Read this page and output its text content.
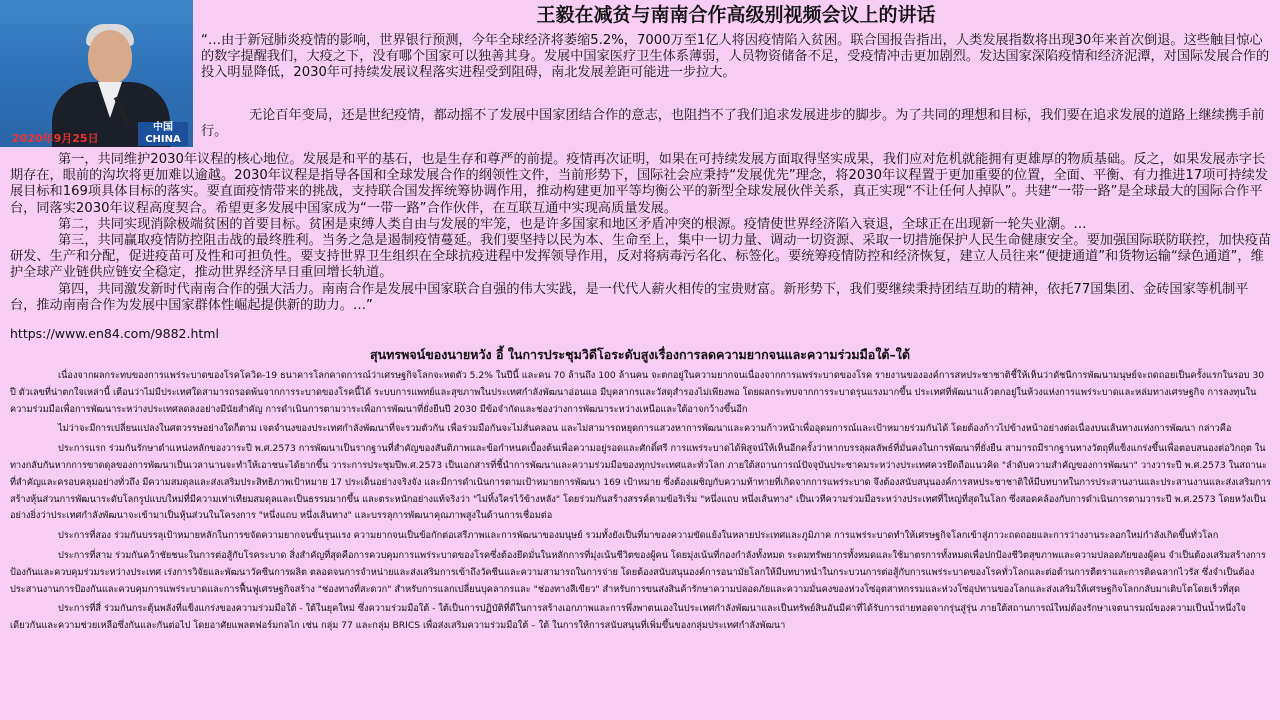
中国
CHINA
2020年9月25日
王毅在减贫与南南合作高级别视频会议上的讲话

“…由于新冠肺炎疫情的影响，世界银行预测，今年全球经济将萎缩5.2%，7000万至1亿人将因疫情陷入贫困。联合国报告指出，人类发展指数将出现30年来首次倒退。这些触目惊心的数字提醒我们，大疫之下，没有哪个国家可以独善其身。发展中国家医疗卫生体系薄弱，人员物资储备不足，受疫情冲击更加剧烈。发达国家深陷疫情和经济泥潭，对国际发展合作的投入明显降低，2030年可持续发展议程落实进程受到阻碍，南北发展差距可能进一步拉大。

无论百年变局，还是世纪疫情，都动摇不了发展中国家团结合作的意志，也阻挡不了我们追求发展进步的脚步。为了共同的理想和目标，我们要在追求发展的道路上继续携手前行。

第一，共同维护2030年议程的核心地位。发展是和平的基石，也是生存和尊严的前提。疫情再次证明，如果在可持续发展方面取得坚实成果，我们应对危机就能拥有更雄厚的物质基础。反之，如果发展赤字长期存在，眼前的沟坎将更加难以逾越。2030年议程是指导各国和全球发展合作的纲领性文件，当前形势下，国际社会应秉持“发展优先”理念，将2030年议程置于更加重要的位置，全面、平衡、有力推进17项可持续发展目标和169项具体目标的落实。要直面疫情带来的挑战，支持联合国发挥统筹协调作用，推动构建更加平等均衡公平的新型全球发展伙伴关系，真正实现“不让任何人掉队”。共建“一带一路”是全球最大的国际合作平台，同落实2030年议程高度契合。希望更多发展中国家成为“一带一路”合作伙伴，在互联互通中实现高质量发展。

第二，共同实现消除极端贫困的首要目标。贫困是束缚人类自由与发展的牢笼，也是许多国家和地区矛盾冲突的根源。疫情使世界经济陷入衰退，全球正在出现新一轮失业潮。…

第三，共同赢取疫情防控阻击战的最终胜利。当务之急是遏制疫情蔓延。我们要坚持以民为本、生命至上，集中一切力量、调动一切资源、采取一切措施保护人民生命健康安全。要加强国际联防联控，加快疫苗研发、生产和分配，促进疫苗可及性和可担负性。要支持世界卫生组织在全球抗疫进程中发挥领导作用，反对将病毒污名化、标签化。要统筹疫情防控和经济恢复，建立人员往来“便捷通道”和货物运输“绿色通道”，维护全球产业链供应链安全稳定，推动世界经济早日重回增长轨道。

第四，共同激发新时代南南合作的强大活力。南南合作是发展中国家联合自强的伟大实践，是一代代人薪火相传的宝贵财富。新形势下，我们要继续秉持团结互助的精神，依托77国集团、金砖国家等机制平台，推动南南合作为发展中国家群体性崛起提供新的助力。…”

https://www.en84.com/9882.html
สุนทรพจน์ของนายหวัง อี้ ในการประชุมวิดีโอระดับสูงเรื่องการลดความยากจนและความร่วมมือใต้–ใต้

เนื่องจากผลกระทบของการแพร่ระบาดของโรคโควิด-19 ธนาคารโลกคาดการณ์ว่าเศรษฐกิจโลกจะหดตัว 5.2% ในปีนี้ และคน 70 ล้านถึง 100 ล้านคน จะตกอยู่ในความยากจนเนื่องจากการแพร่ระบาดของโรค รายงานขององค์การสหประชาชาติชี้ให้เห็นว่าดัชนีการพัฒนามนุษย์จะถดถอยเป็นครั้งแรกในรอบ 30 ปี ตัวเลขที่น่าตกใจเหล่านี้ เตือนว่าไม่มีประเทศใดสามารถรอดพ้นจากการระบาดของโรคนี้ได้ ระบบการแพทย์และสุขภาพในประเทศกำลังพัฒนาอ่อนแอ มีบุคลากรและวัสดุสำรองไม่เพียงพอ โดยผลกระทบจากการระบาดรุนแรงมากขึ้น ประเทศที่พัฒนาแล้วตกอยู่ในห้วงแห่งการแพร่ระบาดและหล่มทางเศรษฐกิจ การลงทุนในความร่วมมือเพื่อการพัฒนาระหว่างประเทศลดลงอย่างมีนัยสำคัญ การดำเนินการตามวาระเพื่อการพัฒนาที่ยั่งยืนปี 2030 มีข้อจำกัดและช่องว่างการพัฒนาระหว่างเหนือและใต้อาจกว้างขึ้นอีก

ไม่ว่าจะมีการเปลี่ยนแปลงในศตวรรษอย่างใดก็ตาม เจตจำนงของประเทศกำลังพัฒนาที่จะรวมตัวกัน เพื่อร่วมมือกันจะไม่สั่นคลอน และไม่สามารถหยุดการแสวงหาการพัฒนาและความก้าวหน้าเพื่ออุดมการณ์และเป้าหมายร่วมกันได้ โดยต้องก้าวไปข้างหน้าอย่างต่อเนื่องบนเส้นทางแห่งการพัฒนา กล่าวคือ

ประการแรก ร่วมกันรักษาตำแหน่งหลักของวาระปี พ.ศ.2573 การพัฒนาเป็นรากฐานที่สำคัญของสันติภาพและข้อกำหนดเบื้องต้นเพื่อความอยู่รอดและศักดิ์ศรี การแพร่ระบาดได้พิสูจน์ให้เห็นอีกครั้งว่าหากบรรลุผลลัพธ์ที่มั่นคงในการพัฒนาที่ยั่งยืน สามารถมีรากฐานทางวัตถุที่แข็งแกร่งขึ้นเพื่อตอบสนองต่อวิกฤต ในทางกลับกันหากการขาดดุลของการพัฒนาเป็นเวลานานจะทำให้เอาชนะได้ยากขึ้น วาระการประชุมปีพ.ศ.2573 เป็นเอกสารที่ชี้นำการพัฒนาและความร่วมมือของทุกประเทศและทั่วโลก ภายใต้สถานการณ์ปัจจุบันประชาคมระหว่างประเทศควรยึดถือแนวคิด "ลำดับความสำคัญของการพัฒนา" วางวาระปี พ.ศ.2573 ในสถานะที่สำคัญและครอบคลุมอย่างทั่วถึง มีความสมดุลและส่งเสริมประสิทธิภาพเป้าหมาย 17 ประเด็นอย่างจริงจัง และมีการดำเนินการตามเป้าหมายการพัฒนา 169 เป้าหมาย ซึ่งต้องเผชิญกับความท้าทายที่เกิดจากการแพร่ระบาด จึงต้องสนับสนุนองค์การสหประชาชาติให้มีบทบาทในการประสานงานและประสานงานและส่งเสริมการสร้างหุ้นส่วนการพัฒนาระดับโลกรูปแบบใหม่ที่มีความเท่าเทียมสมดุลและเป็นธรรมมากขึ้น และตระหนักอย่างแท้จริงว่า "ไม่ทิ้งใครไว้ข้างหลัง" โดยร่วมกันสร้างสรรค์ตามข้อริเริ่ม "หนึ่งแถบ หนึ่งเส้นทาง" เป็นเวทีความร่วมมือระหว่างประเทศที่ใหญ่ที่สุดในโลก ซึ่งสอดคล้องกับการดำเนินการตามวาระปี พ.ศ.2573 โดยหวังเป็นอย่างยิ่งว่าประเทศกำลังพัฒนาจะเข้ามาเป็นหุ้นส่วนในโครงการ "หนึ่งแถบ หนึ่งเส้นทาง" และบรรลุการพัฒนาคุณภาพสูงในด้านการเชื่อมต่อ

ประการที่สอง ร่วมกันบรรลุเป้าหมายหลักในการขจัดความยากจนขั้นรุนแรง ความยากจนเป็นข้อกักต่อเสรีภาพและการพัฒนาของมนุษย์ รวมทั้งยังเป็นที่มาของความขัดแย้งในหลายประเทศและภูมิภาค การแพร่ระบาดทำให้เศรษฐกิจโลกเข้าสู่ภาวะถดถอยและการว่างงานระลอกใหม่กำลังเกิดขึ้นทั่วโลก

ประการที่สาม ร่วมกันคว้าชัยชนะในการต่อสู้กับโรคระบาด สิ่งสำคัญที่สุดคือการควบคุมการแพร่ระบาดของโรคซึ่งต้องยึดมั่นในหลักการที่มุ่งเน้นชีวิตของผู้คน โดยมุ่งเน้นที่กองกำลังทั้งหมด ระดมทรัพยากรทั้งหมดและใช้มาตรการทั้งหมดเพื่อปกป้องชีวิตสุขภาพและความปลอดภัยของผู้คน จำเป็นต้องเสริมสร้างการป้องกันและควบคุมร่วมระหว่างประเทศ เร่งการวิจัยและพัฒนาวัคซีนการผลิต ตลอดจนการจำหน่ายและส่งเสริมการเข้าถึงวัคซีนและความสามารถในการจ่าย โดยต้องสนับสนุนองค์การอนามัยโลกให้มีบทบาทนำในกระบวนการต่อสู้กับการแพร่ระบาดของโรคทั่วโลกและต่อต้านการตีตราและการติดฉลากไวรัส ซึ่งจำเป็นต้องประสานงานการป้องกันและควบคุมการแพร่ระบาดและการฟื้นฟูเศรษฐกิจสร้าง "ช่องทางที่สะดวก" สำหรับการแลกเปลี่ยนบุคลากรและ "ช่องทางสีเขียว" สำหรับการขนส่งสินค้ารักษาความปลอดภัยและความมั่นคงของห่วงโซ่อุตสาหกรรมและห่วงโซ่อุปทานของโลกและส่งเสริมให้เศรษฐกิจโลกกลับมาเติบโตโดยเร็วที่สุด

ประการที่สี่ ร่วมกันกระตุ้นพลังที่แข็งแกร่งของความร่วมมือใต้ - ใต้ในยุคใหม่ ซึ่งความร่วมมือใต้ - ใต้เป็นการปฏิบัติที่ดีในการสร้างเอกภาพและการพึ่งพาตนเองในประเทศกำลังพัฒนาและเป็นทรัพย์สินอันมีค่าที่ได้รับการถ่ายทอดจากรุ่นสู่รุ่น ภายใต้สถานการณ์ใหม่ต้องรักษาเจตนารมณ์ของความเป็นน้ำหนึ่งใจเดียวกันและความช่วยเหลือซึ่งกันและกันต่อไป โดยอาศัยแพลตฟอร์มกลไก เช่น กลุ่ม 77 และกลุ่ม BRICS เพื่อส่งเสริมความร่วมมือใต้ – ใต้ ในการให้การสนับสนุนที่เพิ่มขึ้นของกลุ่มประเทศกำลังพัฒนา
